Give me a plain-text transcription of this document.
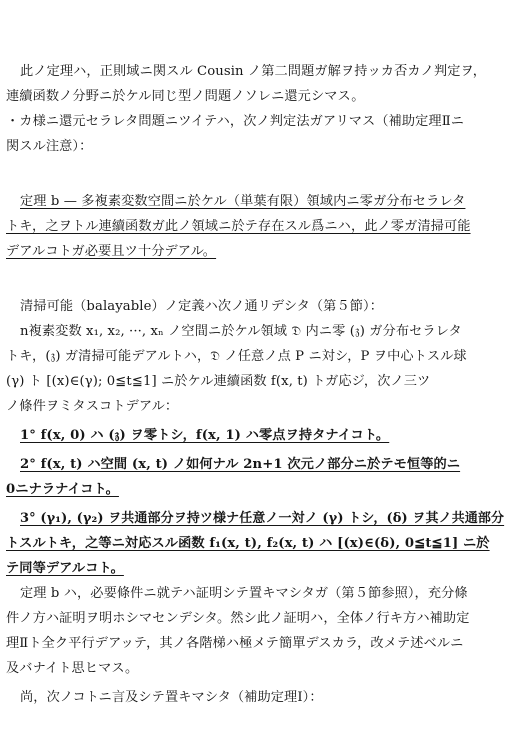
此ノ定理ハ，正則域ニ関スル Cousin ノ第二問題ガ解ヲ持ッカ否カノ判定ヲ，
連續函数ノ分野ニ於ケル同じ型ノ問題ノソレニ還元シマス。
・カ様ニ還元セラレタ問題ニツイテハ，次ノ判定法ガアリマス（補助定理Ⅱニ
関スル注意）：
定理 b — 多複素変数空間ニ於ケル（単葉有限）領域内ニ零ガ分布セラレタ
トキ，之ヲトル連續函数ガ此ノ領域ニ於テ存在スル爲ニハ，此ノ零ガ清掃可能
デアルコトガ必要且ツ十分デアル。
清掃可能（balayable）ノ定義ハ次ノ通リデシタ（第５節）：
n複素変数 x₁, x₂, ···, xₙ ノ空間ニ於ケル領域 𝔇 内ニ零 (𝔷) ガ分布セラレタ
トキ，(𝔷) ガ清掃可能デアルトハ，𝔇 ノ任意ノ点 P ニ対シ，P ヲ中心トスル球
(γ) ト [(x)∈(γ); 0≦t≦1] ニ於ケル連續函数 f(x, t) トガ応ジ，次ノ三ツ
ノ條件ヲミタスコトデアル：
1° f(x, 0) ハ (𝔷) ヲ零トシ，f(x, 1) ハ零点ヲ持タナイコト。
2° f(x, t) ハ空間 (x, t) ノ如何ナル 2n+1 次元ノ部分ニ於テモ恒等的ニ
0ニナラナイコト。
3° (γ₁), (γ₂) ヲ共通部分ヲ持ツ様ナ任意ノ一対ノ (γ) トシ，(δ) ヲ其ノ共通部分
トスルトキ，之等ニ対応スル函数 f₁(x, t), f₂(x, t) ハ [(x)∈(δ), 0≦t≦1] ニ於
テ同等デアルコト。
定理 b ハ，必要條件ニ就テハ証明シテ置キマシタガ（第５節参照），充分條
件ノ方ハ証明ヲ明ホシマセンデシタ。然シ此ノ証明ハ，全体ノ行キ方ハ補助定
理Ⅱト全ク平行デアッテ，其ノ各階梯ハ極メテ簡單デスカラ，改メテ述ベルニ
及バナイト思ヒマス。
尚，次ノコトニ言及シテ置キマシタ（補助定理Ⅰ）：
